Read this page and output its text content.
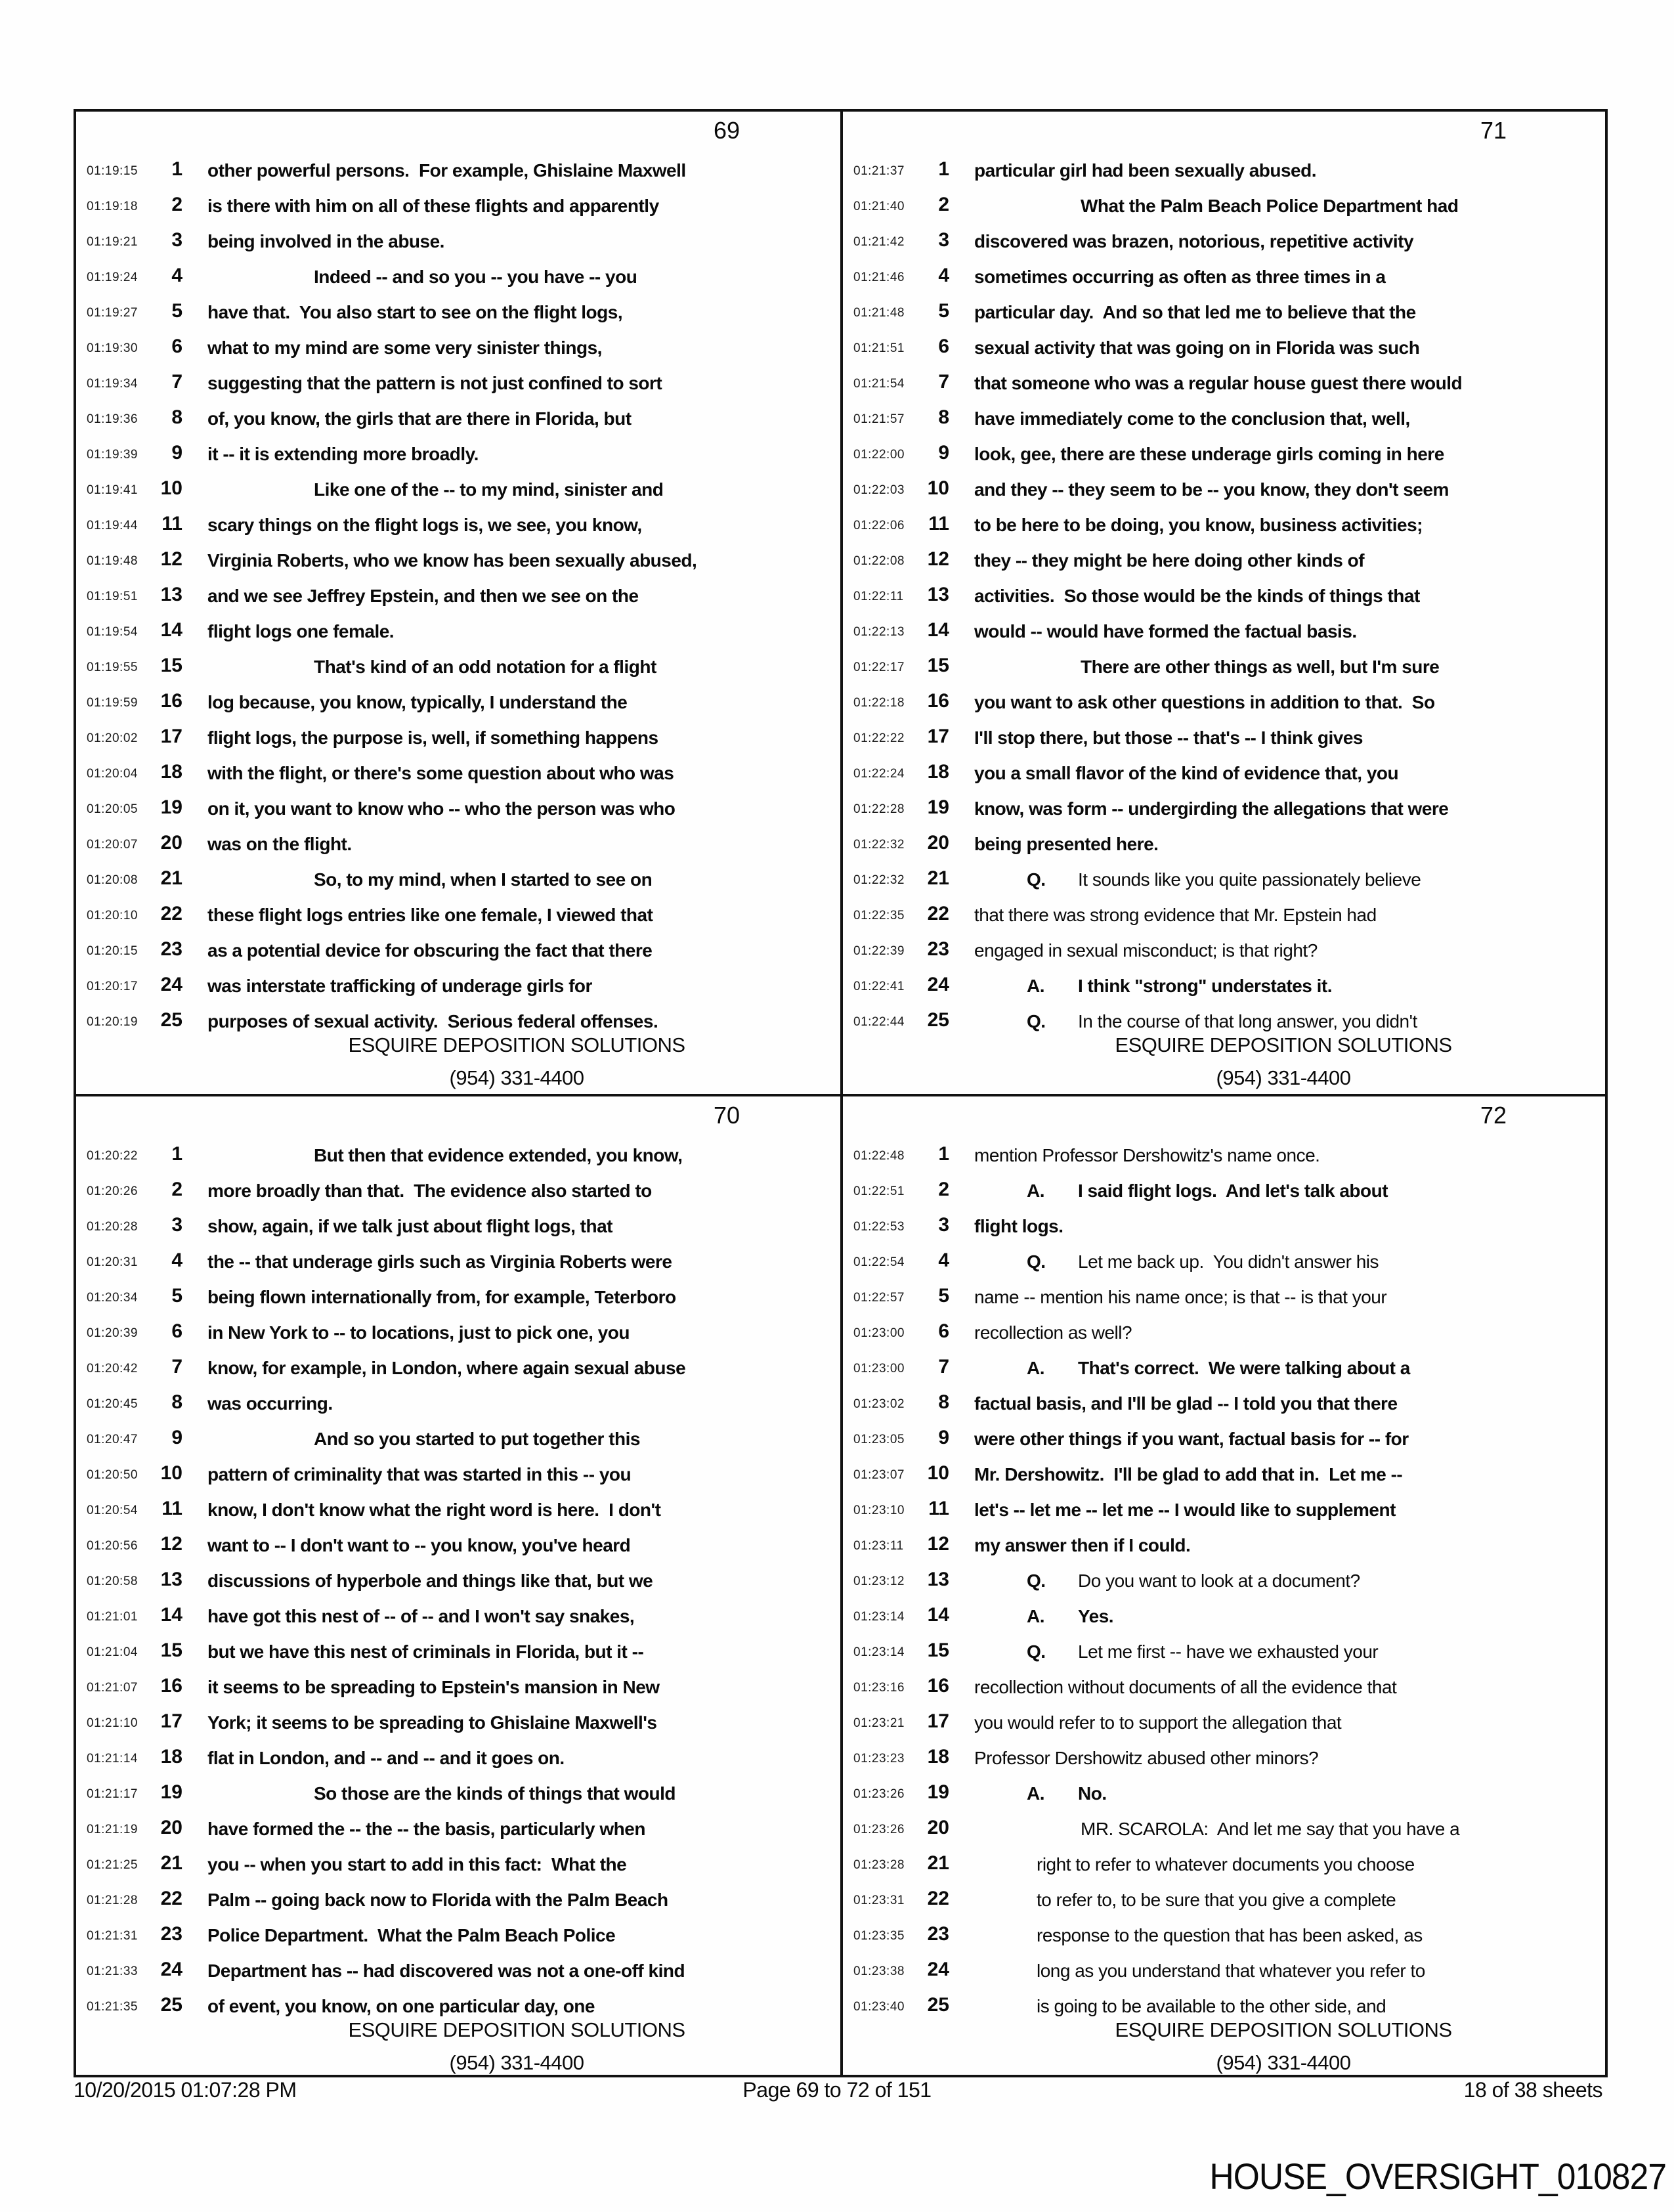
69
01:19:15	1 other powerful persons.  For example, Ghislaine Maxwell
01:19:18	2 is there with him on all of these flights and apparently
01:19:21	3 being involved in the abuse.
01:19:24	4	Indeed -- and so you -- you have -- you
01:19:27	5 have that.  You also start to see on the flight logs,
01:19:30	6 what to my mind are some very sinister things,
01:19:34	7 suggesting that the pattern is not just confined to sort
01:19:36	8 of, you know, the girls that are there in Florida, but
01:19:39	9 it -- it is extending more broadly.
01:19:41	10	Like one of the -- to my mind, sinister and
01:19:44	11 scary things on the flight logs is, we see, you know,
01:19:48	12 Virginia Roberts, who we know has been sexually abused,
01:19:51	13 and we see Jeffrey Epstein, and then we see on the
01:19:54	14 flight logs one female.
01:19:55	15	That's kind of an odd notation for a flight
01:19:59	16 log because, you know, typically, I understand the
01:20:02	17 flight logs, the purpose is, well, if something happens
01:20:04	18 with the flight, or there's some question about who was
01:20:05	19 on it, you want to know who -- who the person was who
01:20:07	20 was on the flight.
01:20:08	21	So, to my mind, when I started to see on
01:20:10	22 these flight logs entries like one female, I viewed that
01:20:15	23 as a potential device for obscuring the fact that there
01:20:17	24 was interstate trafficking of underage girls for
01:20:19	25 purposes of sexual activity.  Serious federal offenses.
ESQUIRE DEPOSITION SOLUTIONS
(954) 331-4400
71
01:21:37	1 particular girl had been sexually abused.
01:21:40	2	What the Palm Beach Police Department had
01:21:42	3 discovered was brazen, notorious, repetitive activity
01:21:46	4 sometimes occurring as often as three times in a
01:21:48	5 particular day.  And so that led me to believe that the
01:21:51	6 sexual activity that was going on in Florida was such
01:21:54	7 that someone who was a regular house guest there would
01:21:57	8 have immediately come to the conclusion that, well,
01:22:00	9 look, gee, there are these underage girls coming in here
01:22:03	10 and they -- they seem to be -- you know, they don't seem
01:22:06	11 to be here to be doing, you know, business activities;
01:22:08	12 they -- they might be here doing other kinds of
01:22:11	13 activities.  So those would be the kinds of things that
01:22:13	14 would -- would have formed the factual basis.
01:22:17	15	There are other things as well, but I'm sure
01:22:18	16 you want to ask other questions in addition to that.  So
01:22:22	17 I'll stop there, but those -- that's -- I think gives
01:22:24	18 you a small flavor of the kind of evidence that, you
01:22:28	19 know, was form -- undergirding the allegations that were
01:22:32	20 being presented here.
01:22:32	21	Q. It sounds like you quite passionately believe
01:22:35	22 that there was strong evidence that Mr. Epstein had
01:22:39	23 engaged in sexual misconduct; is that right?
01:22:41	24	A. I think "strong" understates it.
01:22:44	25	Q. In the course of that long answer, you didn't
ESQUIRE DEPOSITION SOLUTIONS
(954) 331-4400
70
01:20:22	1	But then that evidence extended, you know,
01:20:26	2 more broadly than that.  The evidence also started to
01:20:28	3 show, again, if we talk just about flight logs, that
01:20:31	4 the -- that underage girls such as Virginia Roberts were
01:20:34	5 being flown internationally from, for example, Teterboro
01:20:39	6 in New York to -- to locations, just to pick one, you
01:20:42	7 know, for example, in London, where again sexual abuse
01:20:45	8 was occurring.
01:20:47	9	And so you started to put together this
01:20:50	10 pattern of criminality that was started in this -- you
01:20:54	11 know, I don't know what the right word is here.  I don't
01:20:56	12 want to -- I don't want to -- you know, you've heard
01:20:58	13 discussions of hyperbole and things like that, but we
01:21:01	14 have got this nest of -- of -- and I won't say snakes,
01:21:04	15 but we have this nest of criminals in Florida, but it --
01:21:07	16 it seems to be spreading to Epstein's mansion in New
01:21:10	17 York; it seems to be spreading to Ghislaine Maxwell's
01:21:14	18 flat in London, and -- and -- and it goes on.
01:21:17	19	So those are the kinds of things that would
01:21:19	20 have formed the -- the -- the basis, particularly when
01:21:25	21 you -- when you start to add in this fact:  What the
01:21:28	22 Palm -- going back now to Florida with the Palm Beach
01:21:31	23 Police Department.  What the Palm Beach Police
01:21:33	24 Department has -- had discovered was not a one-off kind
01:21:35	25 of event, you know, on one particular day, one
ESQUIRE DEPOSITION SOLUTIONS
(954) 331-4400
72
01:22:48	1 mention Professor Dershowitz's name once.
01:22:51	2	A. I said flight logs.  And let's talk about
01:22:53	3 flight logs.
01:22:54	4	Q. Let me back up.  You didn't answer his
01:22:57	5 name -- mention his name once; is that -- is that your
01:23:00	6 recollection as well?
01:23:00	7	A. That's correct.  We were talking about a
01:23:02	8 factual basis, and I'll be glad -- I told you that there
01:23:05	9 were other things if you want, factual basis for -- for
01:23:07	10 Mr. Dershowitz.  I'll be glad to add that in.  Let me --
01:23:10	11 let's -- let me -- let me -- I would like to supplement
01:23:11	12 my answer then if I could.
01:23:12	13	Q. Do you want to look at a document?
01:23:14	14	A. Yes.
01:23:14	15	Q. Let me first -- have we exhausted your
01:23:16	16 recollection without documents of all the evidence that
01:23:21	17 you would refer to to support the allegation that
01:23:23	18 Professor Dershowitz abused other minors?
01:23:26	19	A. No.
01:23:26	20	MR. SCAROLA:  And let me say that you have a
01:23:28	21	right to refer to whatever documents you choose
01:23:31	22	to refer to, to be sure that you give a complete
01:23:35	23	response to the question that has been asked, as
01:23:38	24	long as you understand that whatever you refer to
01:23:40	25	is going to be available to the other side, and
ESQUIRE DEPOSITION SOLUTIONS
(954) 331-4400
10/20/2015 01:07:28 PM	Page 69 to 72 of 151	18 of 38 sheets
HOUSE_OVERSIGHT_010827
